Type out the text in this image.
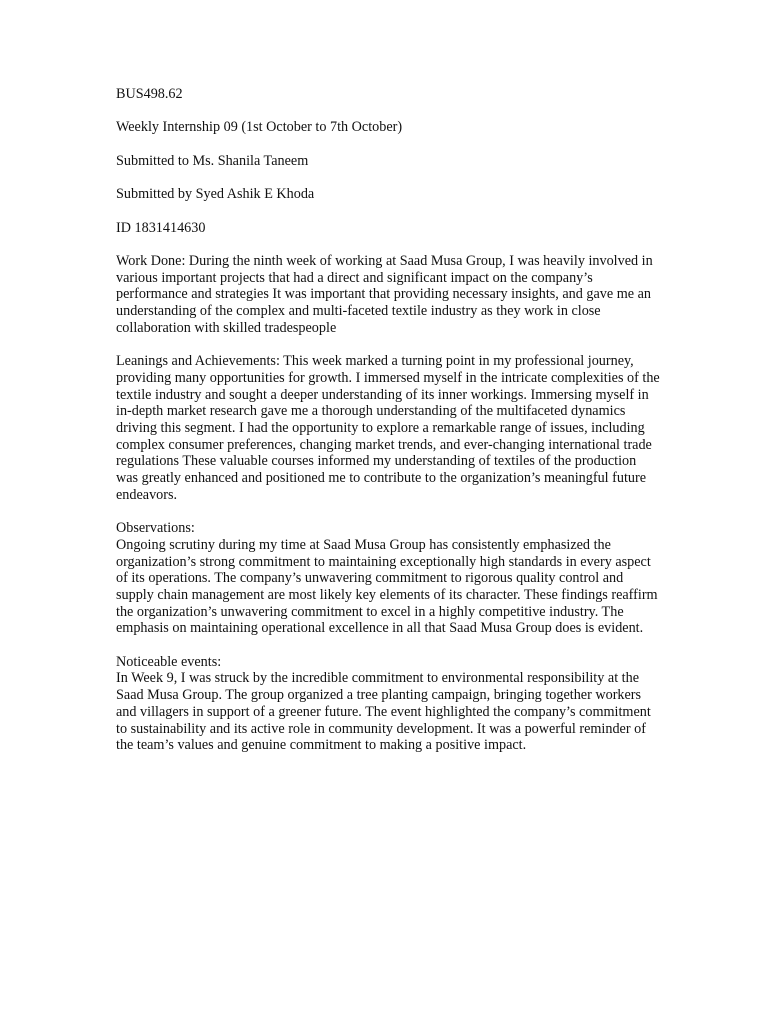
BUS498.62
Weekly Internship 09 (1st October to 7th October)
Submitted to Ms. Shanila Taneem
Submitted by Syed Ashik E Khoda
ID 1831414630
Work Done: During the ninth week of working at Saad Musa Group, I was heavily involved in various important projects that had a direct and significant impact on the company’s performance and strategies It was important that providing necessary insights, and gave me an understanding of the complex and multi-faceted textile industry as they work in close collaboration with skilled tradespeople
Leanings and Achievements: This week marked a turning point in my professional journey, providing many opportunities for growth. I immersed myself in the intricate complexities of the textile industry and sought a deeper understanding of its inner workings. Immersing myself in in-depth market research gave me a thorough understanding of the multifaceted dynamics driving this segment. I had the opportunity to explore a remarkable range of issues, including complex consumer preferences, changing market trends, and ever-changing international trade regulations These valuable courses informed my understanding of textiles of the production was greatly enhanced and positioned me to contribute to the organization’s meaningful future endeavors.
Observations:
Ongoing scrutiny during my time at Saad Musa Group has consistently emphasized the organization’s strong commitment to maintaining exceptionally high standards in every aspect of its operations. The company’s unwavering commitment to rigorous quality control and supply chain management are most likely key elements of its character. These findings reaffirm the organization’s unwavering commitment to excel in a highly competitive industry. The emphasis on maintaining operational excellence in all that Saad Musa Group does is evident.
Noticeable events:
In Week 9, I was struck by the incredible commitment to environmental responsibility at the Saad Musa Group. The group organized a tree planting campaign, bringing together workers and villagers in support of a greener future. The event highlighted the company’s commitment to sustainability and its active role in community development. It was a powerful reminder of the team’s values and genuine commitment to making a positive impact.
